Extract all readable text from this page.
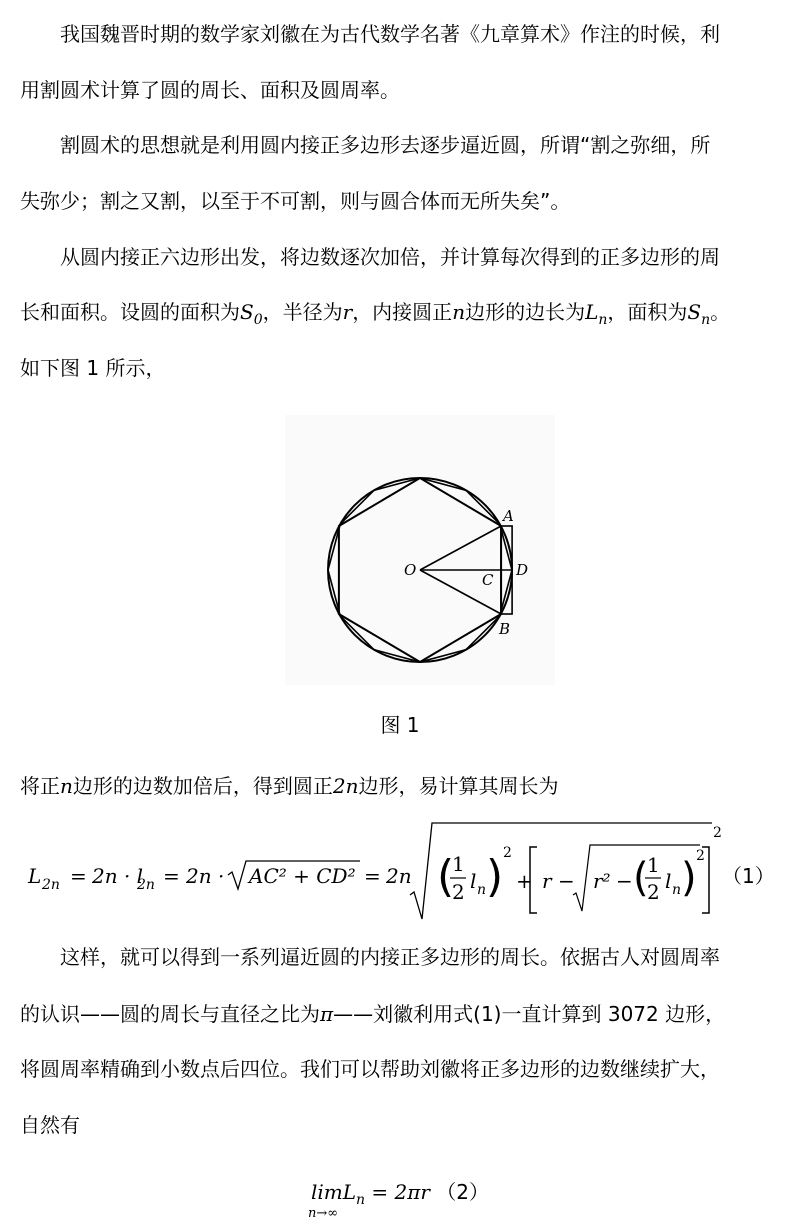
我国魏晋时期的数学家刘徽在为古代数学名著《九章算术》作注的时候，利
用割圆术计算了圆的周长、面积及圆周率。
割圆术的思想就是利用圆内接正多边形去逐步逼近圆，所谓“割之弥细，所
失弥少；割之又割，以至于不可割，则与圆合体而无所失矣”。
从圆内接正六边形出发，将边数逐次加倍，并计算每次得到的正多边形的周
长和面积。设圆的面积为$S_0$，半径为r，内接圆正n边形的边长为$L_n$，面积为$S_n$。
如下图 1 所示，
A
B
C
D
O
图 1
将正n边形的边数加倍后，得到圆正2n边形，易计算其周长为
L 2n = 2n · l
2n = 2n · AC² + CD² = 2n (
1
2 l n ) 2
+ r − r² − (
1
2 l n ) 2
2
（1）
这样，就可以得到一系列逼近圆的内接正多边形的周长。依据古人对圆周率
的认识——圆的周长与直径之比为π——刘徽利用式(1)一直计算到 3072 边形，
将圆周率精确到小数点后四位。我们可以帮助刘徽将正多边形的边数继续扩大，
自然有
lim
n→∞
$L_n = 2\pi r$ （2）
